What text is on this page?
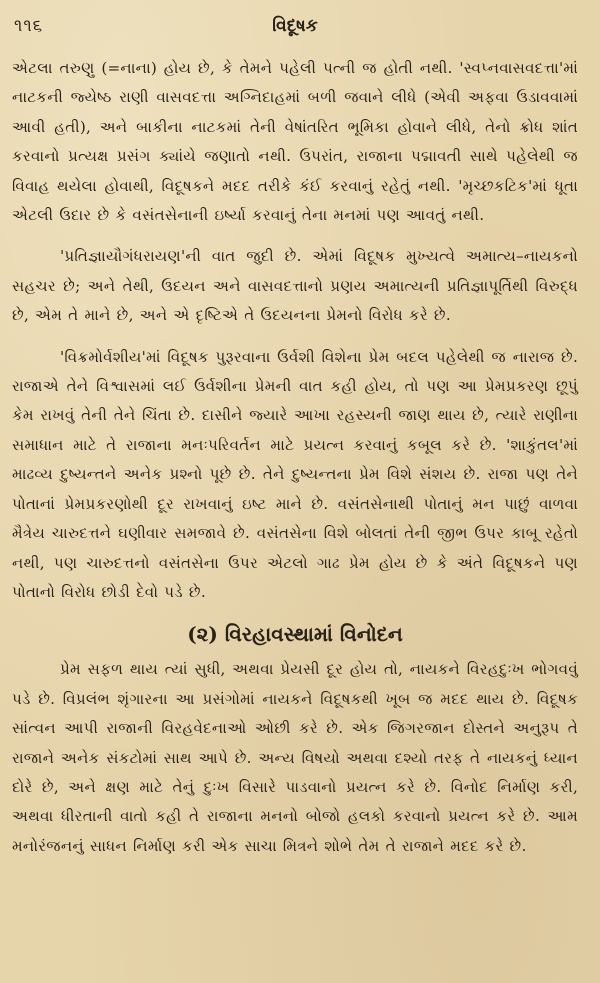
૧૧૬	વિદૂષક

એટલા તરુણુ (=નાના) હોય છે, કે તેમને પહેલી પત્ની જ હોતી નથી. 'સ્વપ્નવાસવદત્તા'માં નાટકની જ્યેષ્ઠ રાણી વાસવદત્તા અગ્નિદાહમાં બળી જવાને લીધે (એવી અફવા ઉડાવવામાં આવી હતી), અને બાકીના નાટકમાં તેની વેષાંતરિત ભૂમિકા હોવાને લીધે, તેનો ક્રોધ શાંત કરવાનો પ્રત્યક્ષ પ્રસંગ ક્યાંયે જણાતો નથી. ઉપરાંત, રાજાના પદ્માવતી સાથે પહેલેથી જ વિવાહ થયેલા હોવાથી, વિદૂષકને મદદ તરીકે કંઈ કરવાનું રહેતું નથી. 'મૃચ્છકટિક'માં ધૂતા એટલી ઉદાર છે કે વસંતસેનાની ઇર્ષ્યા કરવાનું તેના મનમાં પણ આવતું નથી.

'પ્રતિજ્ઞાયૌગંધરાયણ'ની વાત જુદી છે. એમાં વિદૂષક મુખ્યત્વે અમાત્ય–નાયકનો સહચર છે; અને તેથી, ઉદયન અને વાસવદત્તાનો પ્રણય અમાત્યની પ્રતિજ્ઞાપૂર્તિથી વિરુદ્ધ છે, એમ તે માને છે, અને એ દૃષ્ટિએ તે ઉદયનના પ્રેમનો વિરોધ કરે છે.

'વિક્રમોર્વશીય'માં વિદૂષક પુરૂરવાના ઉર્વશી વિશેના પ્રેમ બદલ પહેલેથી જ નારાજ છે. રાજાએ તેને વિશ્વાસમાં લઈ ઉર્વશીના પ્રેમની વાત કહી હોય, તો પણ આ પ્રેમપ્રકરણ છૂપું કેમ રાખવું તેની તેને ચિંતા છે. દાસીને જ્યારે આખા રહસ્યની જાણ થાય છે, ત્યારે રાણીના સમાધાન માટે તે રાજાના મનઃપરિવર્તન માટે પ્રયત્ન કરવાનું કબૂલ કરે છે. 'શાકુંતલ'માં માઢવ્ય દુષ્યન્તને અનેક પ્રશ્નો પૂછે છે. તેને દુષ્યન્તના પ્રેમ વિશે સંશય છે. રાજા પણ તેને પોતાનાં પ્રેમપ્રકરણોથી દૂર રાખવાનું ઇષ્ટ માને છે. વસંતસેનાથી પોતાનું મન પાછું વાળવા મૈત્રેય ચારુદત્તને ઘણીવાર સમજાવે છે. વસંતસેના વિશે બોલતાં તેની જીભ ઉપર કાબૂ રહેતો નથી, પણ ચારુદત્તનો વસંતસેના ઉપર એટલો ગાઢ પ્રેમ હોય છે કે અંતે વિદૂષકને પણ પોતાનો વિરોધ છોડી દેવો પડે છે.

(૨) વિરહાવસ્થામાં વિનોદન

પ્રેમ સફળ થાય ત્યાં સુધી, અથવા પ્રેયસી દૂર હોય તો, નાયકને વિરહદુઃખ ભોગવવું પડે છે. વિપ્રલંભ શૃંગારના આ પ્રસંગોમાં નાયકને વિદૂષકથી ખૂબ જ મદદ થાય છે. વિદૂષક સાંત્વન આપી રાજાની વિરહવેદનાઓ ઓછી કરે છે. એક જિગરજાન દોસ્તને અનુરૂપ તે રાજાને અનેક સંકટોમાં સાથ આપે છે. અન્ય વિષયો અથવા દશ્યો તરફ તે નાયકનું ધ્યાન દોરે છે, અને ક્ષણ માટે તેનું દુઃખ વિસારે પાડવાનો પ્રયત્ન કરે છે. વિનોદ નિર્માણ કરી, અથવા ધીરતાની વાતો કહી તે રાજાના મનનો બોજો હલકો કરવાનો પ્રયત્ન કરે છે. આમ મનોરંજનનું સાધન નિર્માણ કરી એક સાચા મિત્રને શોભે તેમ તે રાજાને મદદ કરે છે.
